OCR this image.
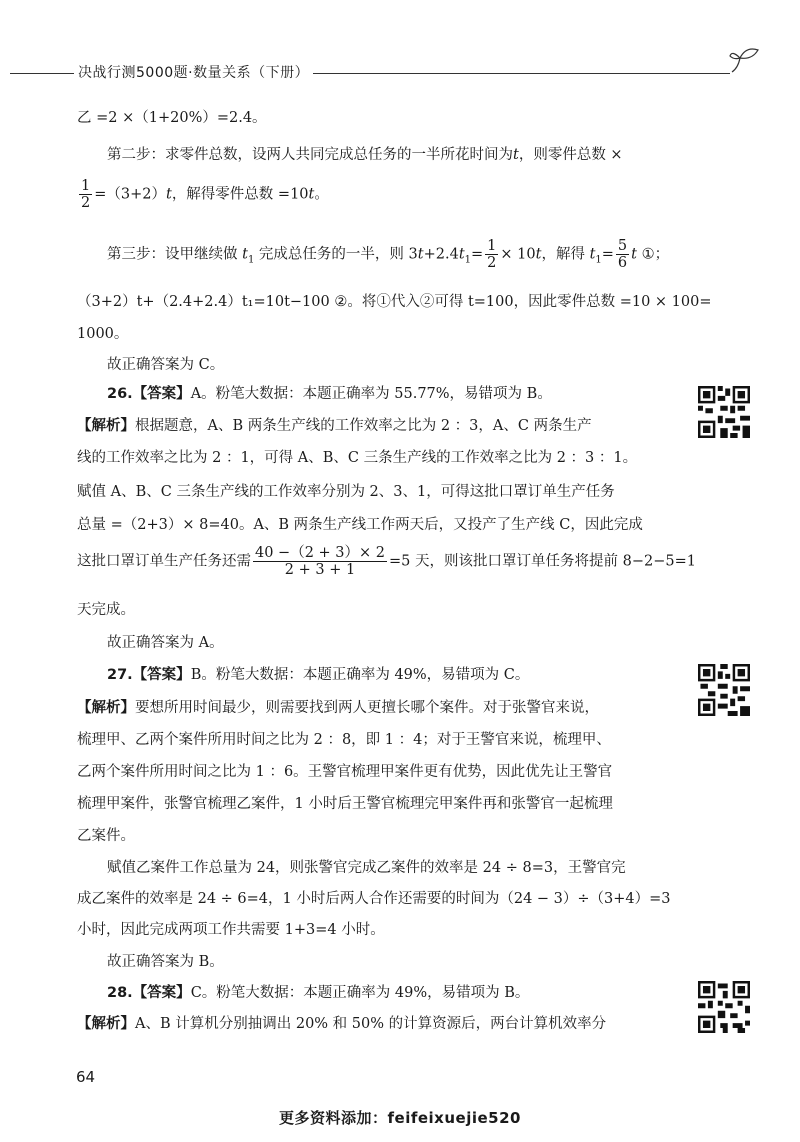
决战行测5000题·数量关系（下册）
乙 =2 ×（1+20%）=2.4。
第二步：求零件总数，设两人共同完成总任务的一半所花时间为t，则零件总数 ×
$\frac{1}{2} =(3+2)t$，解得零件总数 =10t。
第三步：设甲继续做 $t_1$ 完成总任务的一半，则 $3t+2.4t_1= \frac{1}{2} \times 10t$，解得 $t_1= \frac{5}{6}$ t ①；
（3+2）t+（2.4+2.4）t₁=10t−100 ②。将①代入②可得 t=100，因此零件总数 =10 × 100=
1000。
故正确答案为 C。
26.【答案】A。粉笔大数据：本题正确率为 55.77%，易错项为 B。
【解析】根据题意，A、B 两条生产线的工作效率之比为 2 ：3，A、C 两条生产
线的工作效率之比为 2 ：1，可得 A、B、C 三条生产线的工作效率之比为 2 ：3 ：1。
赋值 A、B、C 三条生产线的工作效率分别为 2、3、1，可得这批口罩订单生产任务
总量 =（2+3）× 8=40。A、B 两条生产线工作两天后，又投产了生产线 C，因此完成
这批口罩订单生产任务还需 $\frac{40 -(2 + 3)\times 2}{2 + 3 + 1} =5$ 天，则该批口罩订单任务将提前 8−2−5=1
天完成。
故正确答案为 A。
27.【答案】B。粉笔大数据：本题正确率为 49%，易错项为 C。
【解析】要想所用时间最少，则需要找到两人更擅长哪个案件。对于张警官来说，
梳理甲、乙两个案件所用时间之比为 2 ：8，即 1 ：4；对于王警官来说，梳理甲、
乙两个案件所用时间之比为 1 ：6。王警官梳理甲案件更有优势，因此优先让王警官
梳理甲案件，张警官梳理乙案件，1 小时后王警官梳理完甲案件再和张警官一起梳理
乙案件。
赋值乙案件工作总量为 24，则张警官完成乙案件的效率是 24 ÷ 8=3，王警官完
成乙案件的效率是 24 ÷ 6=4，1 小时后两人合作还需要的时间为（24 − 3）÷（3+4）=3
小时，因此完成两项工作共需要 1+3=4 小时。
故正确答案为 B。
28.【答案】C。粉笔大数据：本题正确率为 49%，易错项为 B。
【解析】A、B 计算机分别抽调出 20% 和 50% 的计算资源后，两台计算机效率分
64
更多资料添加：feifeixuejie520
